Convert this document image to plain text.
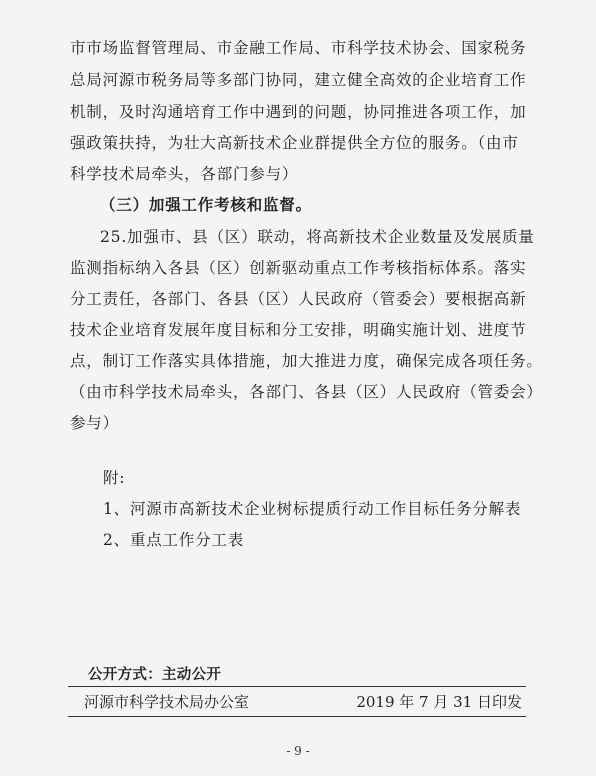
市市场监督管理局、市金融工作局、市科学技术协会、国家税务
总局河源市税务局等多部门协同，建立健全高效的企业培育工作
机制，及时沟通培育工作中遇到的问题，协同推进各项工作，加
强政策扶持，为壮大高新技术企业群提供全方位的服务。（由市
科学技术局牵头，各部门参与）
（三）加强工作考核和监督。
25.加强市、县（区）联动，将高新技术企业数量及发展质量
监测指标纳入各县（区）创新驱动重点工作考核指标体系。落实
分工责任，各部门、各县（区）人民政府（管委会）要根据高新
技术企业培育发展年度目标和分工安排，明确实施计划、进度节
点，制订工作落实具体措施，加大推进力度，确保完成各项任务。
（由市科学技术局牵头，各部门、各县（区）人民政府（管委会）
参与）
附:
1、河源市高新技术企业树标提质行动工作目标任务分解表
2、重点工作分工表
公开方式：主动公开
河源市科学技术局办公室	2019 年 7 月 31 日印发
- 9 -
